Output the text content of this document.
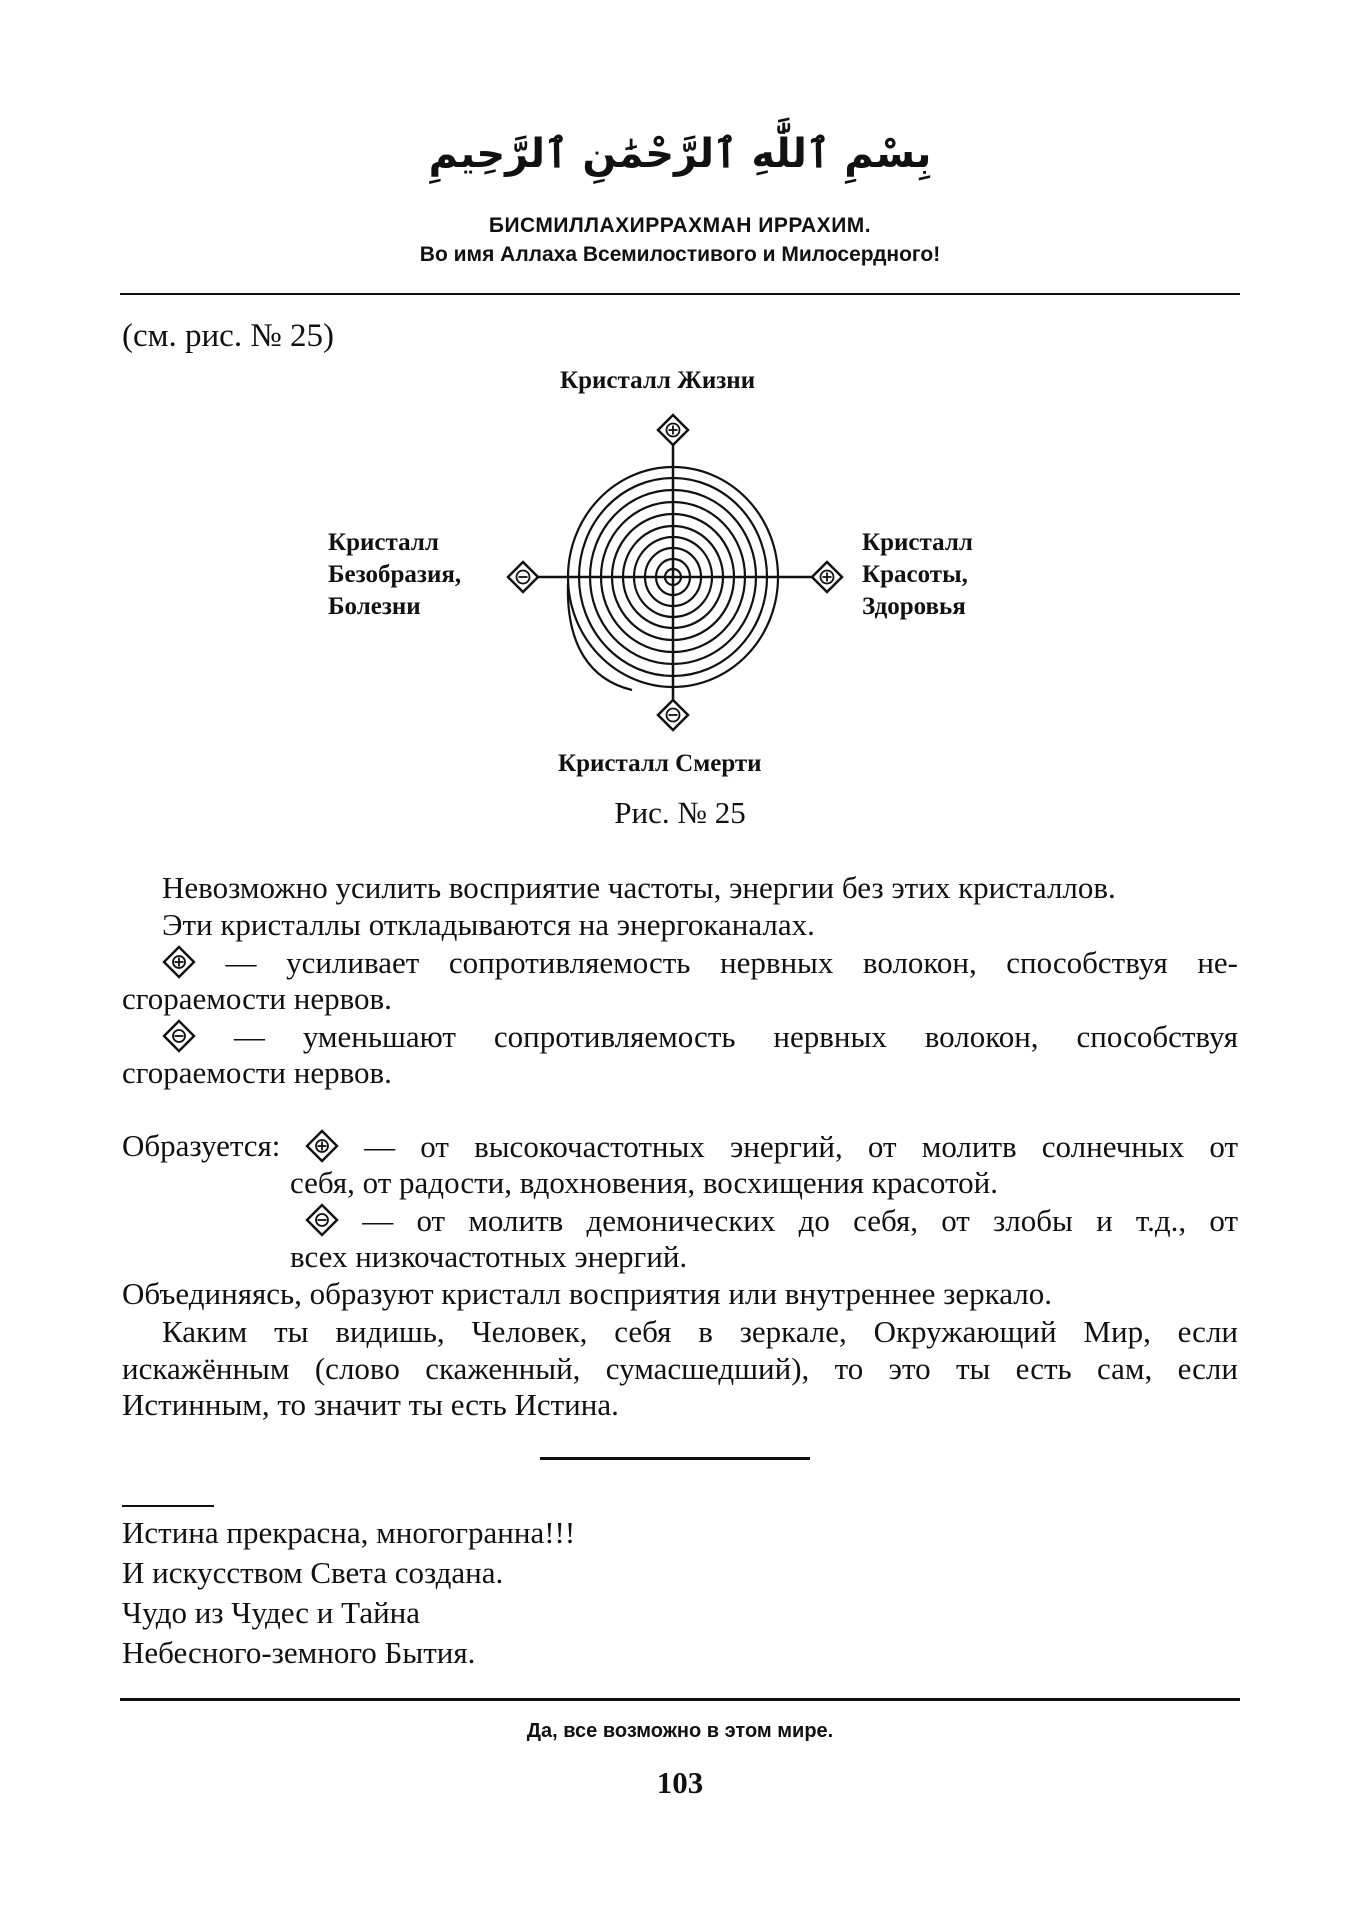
بِسْمِ ٱللَّٰهِ ٱلرَّحْمَٰنِ ٱلرَّحِيمِ
БИСМИЛЛАХИРРАХМАН ИРРАХИМ.
Во имя Аллаха Всемилостивого и Милосердного!
(см. рис. № 25)
Кристалл Жизни
Кристалл
Безобразия,
Болезни
Кристалл
Красоты,
Здоровья
Кристалл Смерти
Рис. № 25
Невозможно усилить восприятие частоты, энергии без этих кристаллов.
Эти кристаллы откладываются на энергоканалах.
— усиливает сопротивляемость нервных волокон, способствуя не-
сгораемости нервов.
— уменьшают сопротивляемость нервных волокон, способствуя
сгораемости нервов.
Образуется:	— от высокочастотных энергий, от молитв солнечных от
себя, от радости, вдохновения, восхищения красотой.
— от молитв демонических до себя, от злобы и т.д., от
всех низкочастотных энергий.
Объединяясь, образуют кристалл восприятия или внутреннее зеркало.
Каким ты видишь, Человек, себя в зеркале, Окружающий Мир, если
искажённым (слово скаженный, сумасшедший), то это ты есть сам, если
Истинным, то значит ты есть Истина.
Истина прекрасна, многогранна!!!
И искусством Света создана.
Чудо из Чудес и Тайна
Небесного-земного Бытия.
Да, все возможно в этом мире.
103
